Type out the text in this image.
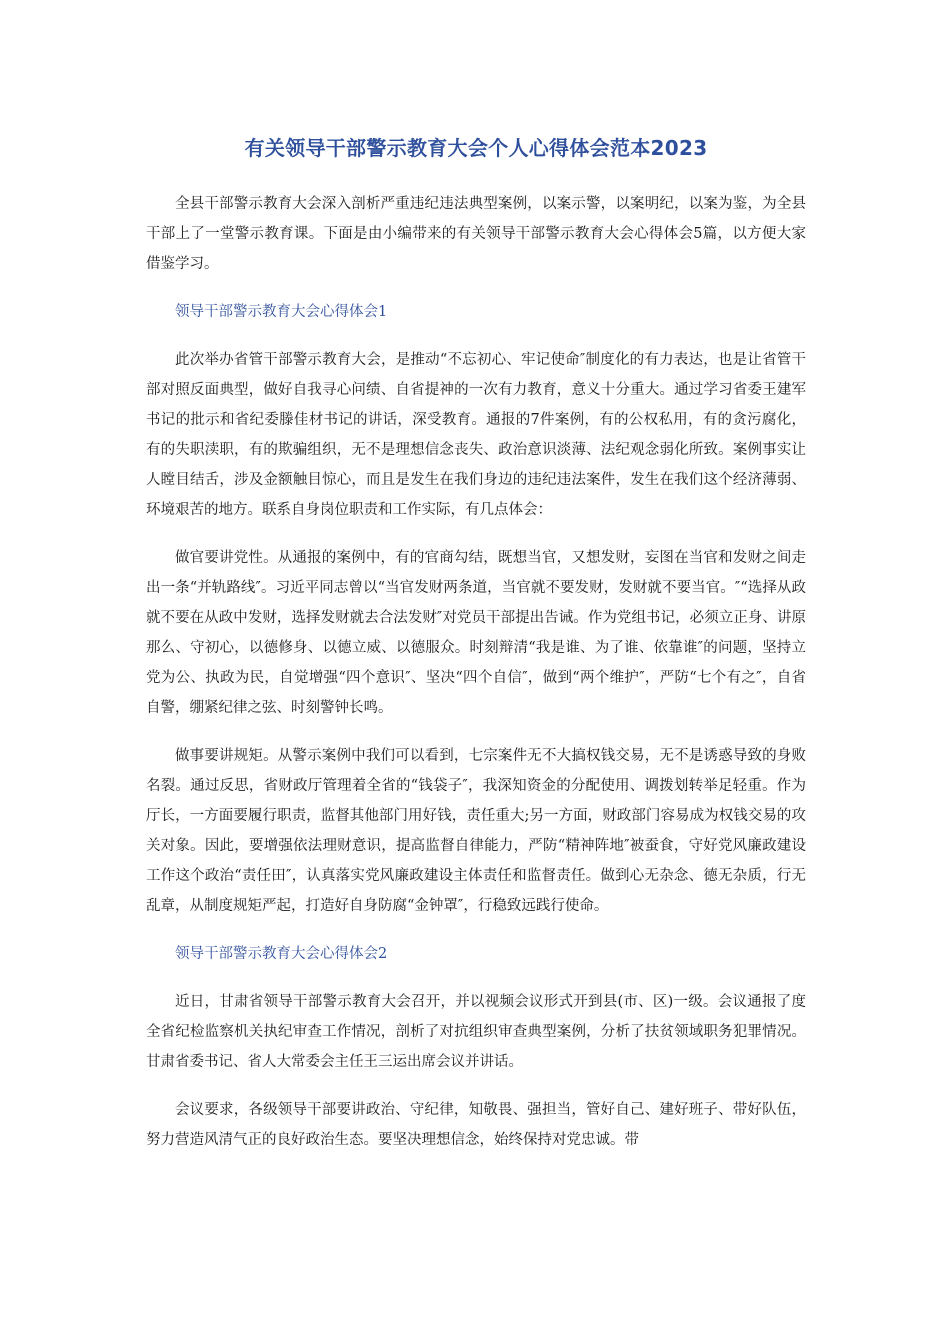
有关领导干部警示教育大会个人心得体会范本2023

全县干部警示教育大会深入剖析严重违纪违法典型案例，以案示警，以案明纪，以案为鉴，为全县干部上了一堂警示教育课。下面是由小编带来的有关领导干部警示教育大会心得体会5篇，以方便大家借鉴学习。

领导干部警示教育大会心得体会1

此次举办省管干部警示教育大会，是推动“不忘初心、牢记使命″制度化的有力表达，也是让省管干部对照反面典型，做好自我寻心问绩、自省提神的一次有力教育，意义十分重大。通过学习省委王建军书记的批示和省纪委滕佳材书记的讲话，深受教育。通报的7件案例，有的公权私用，有的贪污腐化，有的失职渎职，有的欺骗组织，无不是理想信念丧失、政治意识淡薄、法纪观念弱化所致。案例事实让人瞠目结舌，涉及金额触目惊心，而且是发生在我们身边的违纪违法案件，发生在我们这个经济薄弱、环境艰苦的地方。联系自身岗位职责和工作实际，有几点体会：

做官要讲党性。从通报的案例中，有的官商勾结，既想当官，又想发财，妄图在当官和发财之间走出一条“并轨路线″。习近平同志曾以“当官发财两条道，当官就不要发财，发财就不要当官。″“选择从政就不要在从政中发财，选择发财就去合法发财″对党员干部提出告诫。作为党组书记，必须立正身、讲原那么、守初心，以德修身、以德立威、以德服众。时刻辩清“我是谁、为了谁、依靠谁″的问题，坚持立党为公、执政为民，自觉增强“四个意识″、坚决“四个自信″，做到“两个维护″，严防“七个有之″，自省自警，绷紧纪律之弦、时刻警钟长鸣。

做事要讲规矩。从警示案例中我们可以看到，七宗案件无不大搞权钱交易，无不是诱惑导致的身败名裂。通过反思，省财政厅管理着全省的“钱袋子″，我深知资金的分配使用、调拨划转举足轻重。作为厅长，一方面要履行职责，监督其他部门用好钱，责任重大;另一方面，财政部门容易成为权钱交易的攻关对象。因此，要增强依法理财意识，提高监督自律能力，严防“精神阵地″被蚕食，守好党风廉政建设工作这个政治“责任田″，认真落实党风廉政建设主体责任和监督责任。做到心无杂念、德无杂质，行无乱章，从制度规矩严起，打造好自身防腐“金钟罩″，行稳致远践行使命。

领导干部警示教育大会心得体会2

近日，甘肃省领导干部警示教育大会召开，并以视频会议形式开到县(市、区)一级。会议通报了度全省纪检监察机关执纪审查工作情况，剖析了对抗组织审查典型案例，分析了扶贫领域职务犯罪情况。甘肃省委书记、省人大常委会主任王三运出席会议并讲话。

会议要求，各级领导干部要讲政治、守纪律，知敬畏、强担当，管好自己、建好班子、带好队伍，努力营造风清气正的良好政治生态。要坚决理想信念，始终保持对党忠诚。带
